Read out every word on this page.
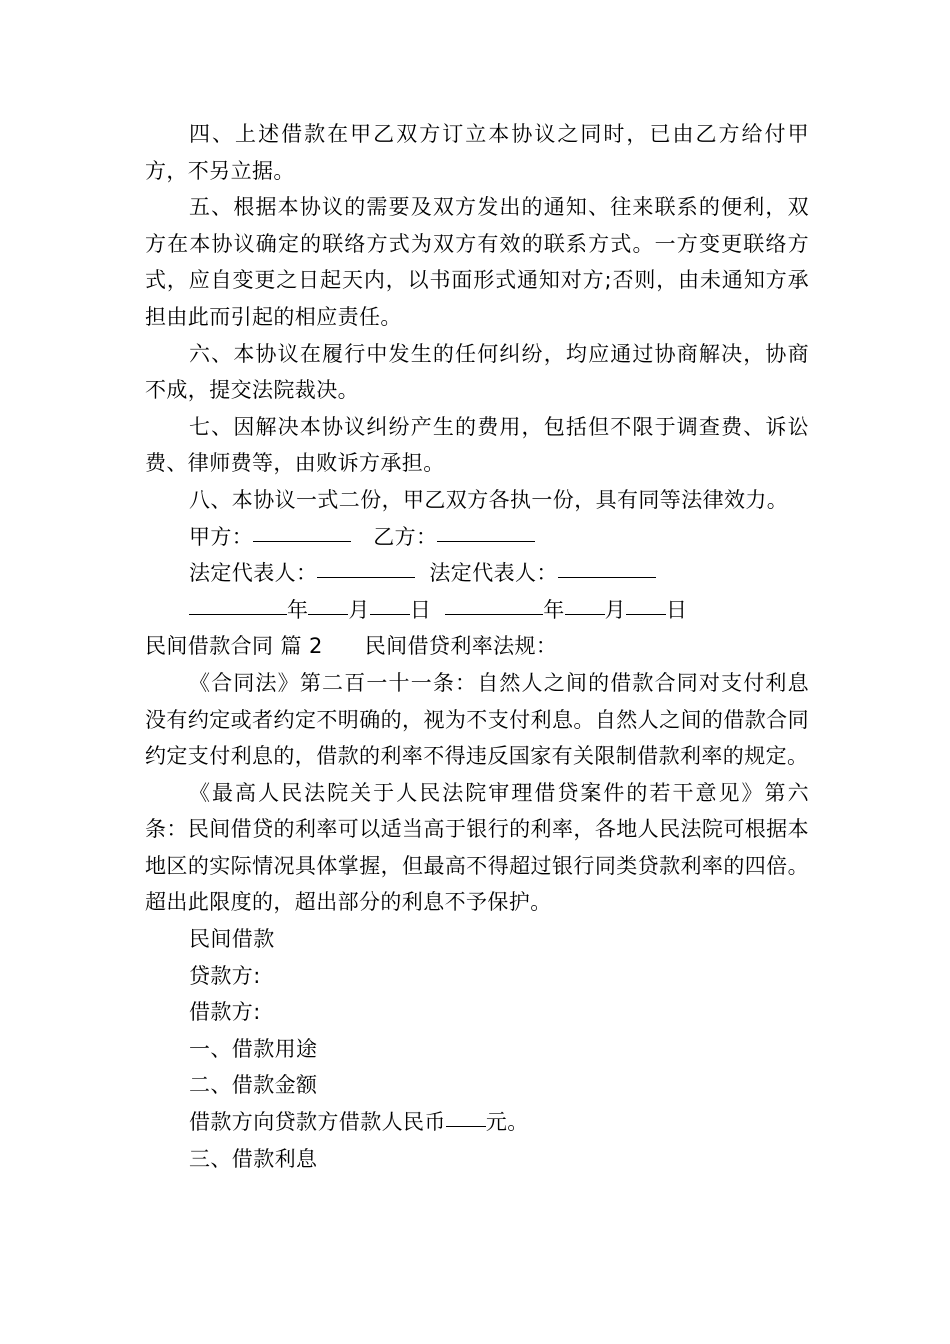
四、上述借款在甲乙双方订立本协议之同时，已由乙方给付甲方，不另立据。

五、根据本协议的需要及双方发出的通知、往来联系的便利，双方在本协议确定的联络方式为双方有效的联系方式。一方变更联络方式，应自变更之日起天内，以书面形式通知对方;否则，由未通知方承担由此而引起的相应责任。

六、本协议在履行中发生的任何纠纷，均应通过协商解决，协商不成，提交法院裁决。

七、因解决本协议纠纷产生的费用，包括但不限于调查费、诉讼费、律师费等，由败诉方承担。

八、本协议一式二份，甲乙双方各执一份，具有同等法律效力。

甲方：	乙方：
法定代表人：	法定代表人：
年 月 日	年 月 日
民间借款合同 篇 2 民间借贷利率法规：

《合同法》第二百一十一条：自然人之间的借款合同对支付利息没有约定或者约定不明确的，视为不支付利息。自然人之间的借款合同约定支付利息的，借款的利率不得违反国家有关限制借款利率的规定。

《最高人民法院关于人民法院审理借贷案件的若干意见》第六条：民间借贷的利率可以适当高于银行的利率，各地人民法院可根据本地区的实际情况具体掌握，但最高不得超过银行同类贷款利率的四倍。超出此限度的，超出部分的利息不予保护。

民间借款
贷款方:
借款方:
一、借款用途
二、借款金额
借款方向贷款方借款人民币 元。
三、借款利息
